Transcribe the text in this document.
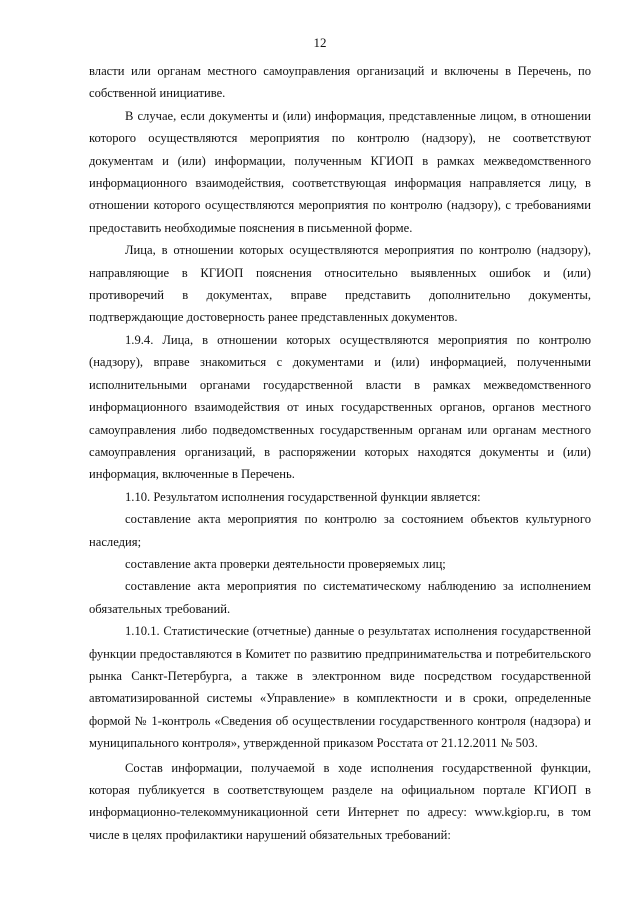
12

власти или органам местного самоуправления организаций и включены в Перечень, по собственной инициативе.

В случае, если документы и (или) информация, представленные лицом, в отношении которого осуществляются мероприятия по контролю (надзору), не соответствуют документам и (или) информации, полученным КГИОП в рамках межведомственного информационного взаимодействия, соответствующая информация направляется лицу, в отношении которого осуществляются мероприятия по контролю (надзору), с требованиями предоставить необходимые пояснения в письменной форме.

Лица, в отношении которых осуществляются мероприятия по контролю (надзору), направляющие в КГИОП пояснения относительно выявленных ошибок и (или) противоречий в документах, вправе представить дополнительно документы, подтверждающие достоверность ранее представленных документов.

1.9.4. Лица, в отношении которых осуществляются мероприятия по контролю (надзору), вправе знакомиться с документами и (или) информацией, полученными исполнительными органами государственной власти в рамках межведомственного информационного взаимодействия от иных государственных органов, органов местного самоуправления либо подведомственных государственным органам или органам местного самоуправления организаций, в распоряжении которых находятся документы и (или) информация, включенные в Перечень.

1.10. Результатом исполнения государственной функции является:

составление акта мероприятия по контролю за состоянием объектов культурного наследия;

составление акта проверки деятельности проверяемых лиц;

составление акта мероприятия по систематическому наблюдению за исполнением обязательных требований.

1.10.1. Статистические (отчетные) данные о результатах исполнения государственной функции предоставляются в Комитет по развитию предпринимательства и потребительского рынка Санкт-Петербурга, а также в электронном виде посредством государственной автоматизированной системы «Управление» в комплектности и в сроки, определенные формой № 1-контроль «Сведения об осуществлении государственного контроля (надзора) и муниципального контроля», утвержденной приказом Росстата от 21.12.2011 № 503.

Состав информации, получаемой в ходе исполнения государственной функции, которая публикуется в соответствующем разделе на официальном портале КГИОП в информационно-телекоммуникационной сети Интернет по адресу: www.kgiop.ru, в том числе в целях профилактики нарушений обязательных требований:
